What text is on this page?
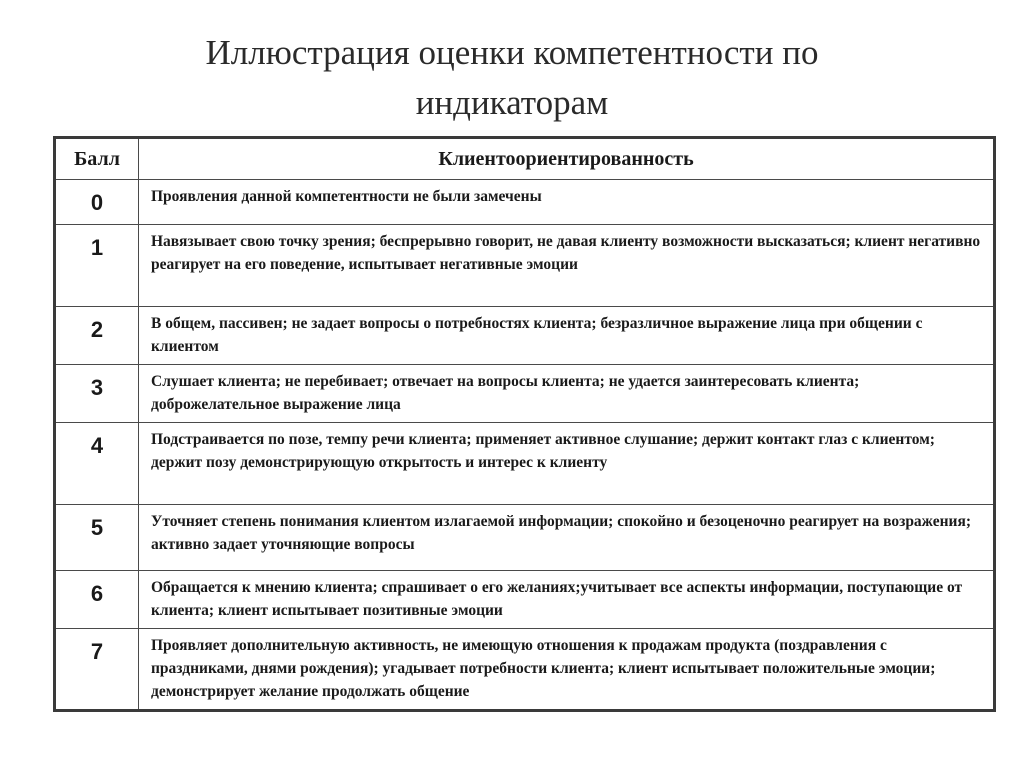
Иллюстрация оценки компетентности по
индикаторам
Балл	Клиентоориентированность
0	Проявления данной компетентности не были замечены
1	Навязывает свою точку зрения; беспрерывно говорит, не давая клиенту возможности высказаться; клиент негативно реагирует на его поведение, испытывает негативные эмоции
2	В общем, пассивен; не задает вопросы о потребностях клиента; безразличное выражение лица при общении с клиентом
3	Слушает клиента; не перебивает; отвечает на вопросы клиента; не удается заинтересовать клиента; доброжелательное выражение лица
4	Подстраивается по позе, темпу речи клиента; применяет активное слушание; держит контакт глаз с клиентом; держит позу демонстрирующую открытость и интерес к клиенту
5	Уточняет степень понимания клиентом излагаемой информации; спокойно и безоценочно реагирует на возражения; активно задает уточняющие вопросы
6	Обращается к мнению клиента; спрашивает о его желаниях;учитывает все аспекты информации, поступающие от клиента; клиент испытывает позитивные эмоции
7	Проявляет дополнительную активность, не имеющую отношения к продажам продукта (поздравления с праздниками, днями рождения); угадывает потребности клиента; клиент испытывает положительные эмоции; демонстрирует желание продолжать общение
